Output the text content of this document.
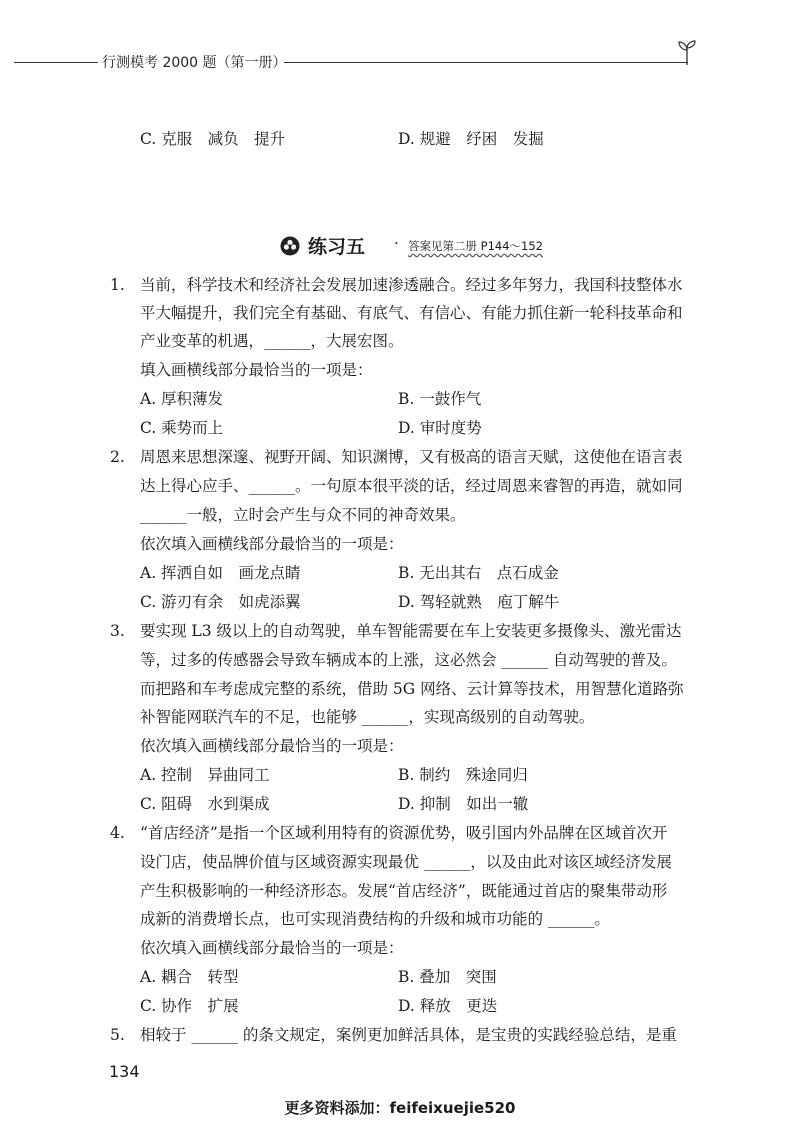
行测模考 2000 题（第一册）
C. 克服　减负　提升	D. 规避　纾困　发掘
练习五 · 答案见第二册 P144～152
1. 当前，科学技术和经济社会发展加速渗透融合。经过多年努力，我国科技整体水
平大幅提升，我们完全有基础、有底气、有信心、有能力抓住新一轮科技革命和
产业变革的机遇，______，大展宏图。
填入画横线部分最恰当的一项是：
A. 厚积薄发	B. 一鼓作气
C. 乘势而上	D. 审时度势
2. 周恩来思想深邃、视野开阔、知识渊博，又有极高的语言天赋，这使他在语言表
达上得心应手、______。一句原本很平淡的话，经过周恩来睿智的再造，就如同
______一般，立时会产生与众不同的神奇效果。
依次填入画横线部分最恰当的一项是：
A. 挥洒自如　画龙点睛	B. 无出其右　点石成金
C. 游刃有余　如虎添翼	D. 驾轻就熟　庖丁解牛
3. 要实现 L3 级以上的自动驾驶，单车智能需要在车上安装更多摄像头、激光雷达
等，过多的传感器会导致车辆成本的上涨，这必然会 ______ 自动驾驶的普及。
而把路和车考虑成完整的系统，借助 5G 网络、云计算等技术，用智慧化道路弥
补智能网联汽车的不足，也能够 ______，实现高级别的自动驾驶。
依次填入画横线部分最恰当的一项是：
A. 控制　异曲同工	B. 制约　殊途同归
C. 阻碍　水到渠成	D. 抑制　如出一辙
4. “首店经济”是指一个区域利用特有的资源优势，吸引国内外品牌在区域首次开
设门店，使品牌价值与区域资源实现最优 ______，以及由此对该区域经济发展
产生积极影响的一种经济形态。发展“首店经济”，既能通过首店的聚集带动形
成新的消费增长点，也可实现消费结构的升级和城市功能的 ______。
依次填入画横线部分最恰当的一项是：
A. 耦合　转型	B. 叠加　突围
C. 协作　扩展	D. 释放　更迭
5. 相较于 ______ 的条文规定，案例更加鲜活具体，是宝贵的实践经验总结，是重
134
更多资料添加：feifeixuejie520
